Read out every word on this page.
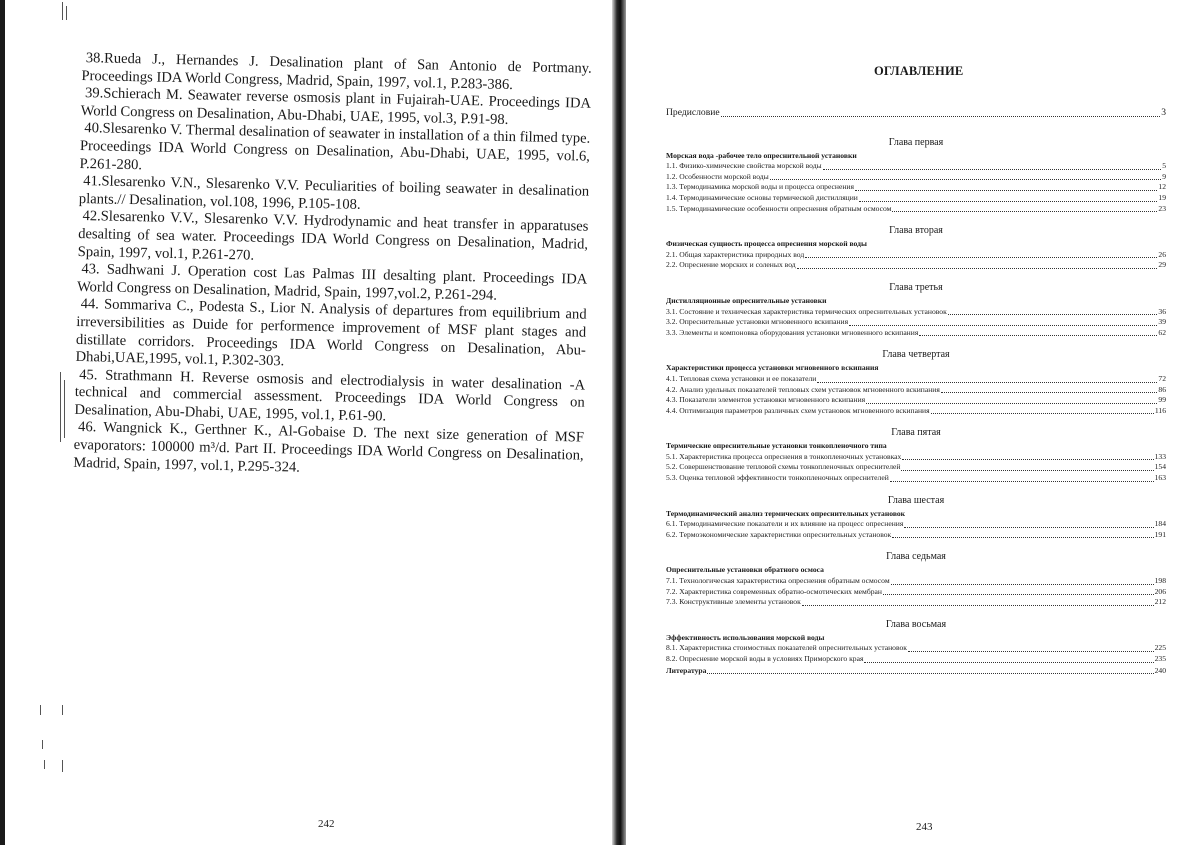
38.Rueda J., Hernandes J. Desalination plant of San Antonio de Portmany. Proceedings IDA World Congress, Madrid, Spain, 1997, vol.1, P.283-386.

39.Schierach M. Seawater reverse osmosis plant in Fujairah-UAE. Proceedings IDA World Congress on Desalination, Abu-Dhabi, UAE, 1995, vol.3, P.91-98.

40.Slesarenko V. Thermal desalination of seawater in installation of a thin filmed type. Proceedings IDA World Congress on Desalination, Abu-Dhabi, UAE, 1995, vol.6, P.261-280.

41.Slesarenko V.N., Slesarenko V.V. Peculiarities of boiling seawater in desalination plants.// Desalination, vol.108, 1996, P.105-108.

42.Slesarenko V.V., Slesarenko V.V. Hydrodynamic and heat transfer in apparatuses desalting of sea water. Proceedings IDA World Congress on Desalination, Madrid, Spain, 1997, vol.1, P.261-270.

43. Sadhwani J. Operation cost Las Palmas III desalting plant. Proceedings IDA World Congress on Desalination, Madrid, Spain, 1997,vol.2, P.261-294.

44. Sommariva C., Podesta S., Lior N. Analysis of departures from equilibrium and irreversibilities as Duide for performence improvement of MSF plant stages and distillate corridors. Proceedings IDA World Congress on Desalination, Abu-Dhabi,UAE,1995, vol.1, P.302-303.

45. Strathmann H. Reverse osmosis and electrodialysis in water desalination -A technical and commercial assessment. Proceedings IDA World Congress on Desalination, Abu-Dhabi, UAE, 1995, vol.1, P.61-90.

46. Wangnick K., Gerthner K., Al-Gobaise D. The next size generation of MSF evaporators: 100000 m³/d. Part II. Proceedings IDA World Congress on Desalination, Madrid, Spain, 1997, vol.1, P.295-324.

242
ОГЛАВЛЕНИЕ
Предисловие	3
Глава первая
Морская вода -рабочее тело опреснительной установки
1.1. Физико-химические свойства морской воды	5
1.2. Особенности морской воды	9
1.3. Термодинамика морской воды и процесса опреснения	12
1.4. Термодинамические основы термической дистилляции	19
1.5. Термодинамические особенности опреснения обратным осмосом	23
Глава вторая
Физическая сущность процесса опреснения морской воды
2.1. Общая характеристика природных вод	26
2.2. Опреснение морских и соленых вод	29
Глава третья
Дистилляционные опреснительные установки
3.1. Состояние и техническая характеристика термических опреснительных установок	36
3.2. Опреснительные установки мгновенного вскипания	39
3.3. Элементы и компоновка оборудования установки мгновенного вскипания	62
Глава четвертая
Характеристики процесса установки мгновенного вскипания
4.1. Тепловая схема установки и ее показатели	72
4.2. Анализ удельных показателей тепловых схем установок мгновенного вскипания	86
4.3. Показатели элементов установки мгновенного вскипания	99
4.4. Оптимизация параметров различных схем установок мгновенного вскипания	116
Глава пятая
Термические опреснительные установки тонкопленочного типа
5.1. Характеристика процесса опреснения в тонкопленочных установках	133
5.2. Совершенствование тепловой схемы тонкопленочных опреснителей	154
5.3. Оценка тепловой эффективности тонкопленочных опреснителей	163
Глава шестая
Термодинамический анализ термических опреснительных установок
6.1. Термодинамические показатели и их влияние на процесс опреснения	184
6.2. Термоэкономические характеристики опреснительных установок	191
Глава седьмая
Опреснительные установки обратного осмоса
7.1. Технологическая характеристика опреснения обратным осмосом	198
7.2. Характеристика современных обратно-осмотических мембран	206
7.3. Конструктивные элементы установок	212
Глава восьмая
Эффективность использования морской воды
8.1. Характеристика стоимостных показателей опреснительных установок	225
8.2. Опреснение морской воды в условиях Приморского края	235
Литература	240
243
